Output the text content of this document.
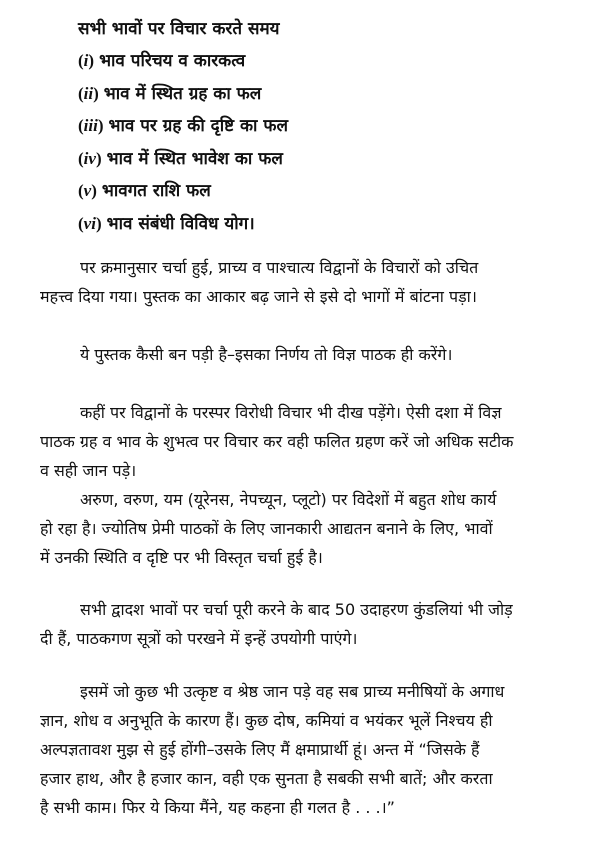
सभी भावों पर विचार करते समय
(i) भाव परिचय व कारकत्व
(ii) भाव में स्थित ग्रह का फल
(iii) भाव पर ग्रह की दृष्टि का फल
(iv) भाव में स्थित भावेश का फल
(v) भावगत राशि फल
(vi) भाव संबंधी विविध योग।
पर क्रमानुसार चर्चा हुई, प्राच्य व पाश्चात्य विद्वानों के विचारों को उचित
महत्त्व दिया गया। पुस्तक का आकार बढ़ जाने से इसे दो भागों में बांटना पड़ा।
ये पुस्तक कैसी बन पड़ी है–इसका निर्णय तो विज्ञ पाठक ही करेंगे।
कहीं पर विद्वानों के परस्पर विरोधी विचार भी दीख पड़ेंगे। ऐसी दशा में विज्ञ
पाठक ग्रह व भाव के शुभत्व पर विचार कर वही फलित ग्रहण करें जो अधिक सटीक
व सही जान पड़े।
अरुण, वरुण, यम (यूरेनस, नेपच्यून, प्लूटो) पर विदेशों में बहुत शोध कार्य
हो रहा है। ज्योतिष प्रेमी पाठकों के लिए जानकारी आद्यतन बनाने के लिए, भावों
में उनकी स्थिति व दृष्टि पर भी विस्तृत चर्चा हुई है।
सभी द्वादश भावों पर चर्चा पूरी करने के बाद 50 उदाहरण कुंडलियां भी जोड़
दी हैं, पाठकगण सूत्रों को परखने में इन्हें उपयोगी पाएंगे।
इसमें जो कुछ भी उत्कृष्ट व श्रेष्ठ जान पड़े वह सब प्राच्य मनीषियों के अगाध
ज्ञान, शोध व अनुभूति के कारण हैं। कुछ दोष, कमियां व भयंकर भूलें निश्चय ही
अल्पज्ञतावश मुझ से हुई होंगी–उसके लिए मैं क्षमाप्रार्थी हूं। अन्त में “जिसके हैं
हजार हाथ, और है हजार कान, वही एक सुनता है सबकी सभी बातें; और करता
है सभी काम। फिर ये किया मैंने, यह कहना ही गलत है . . .।”
